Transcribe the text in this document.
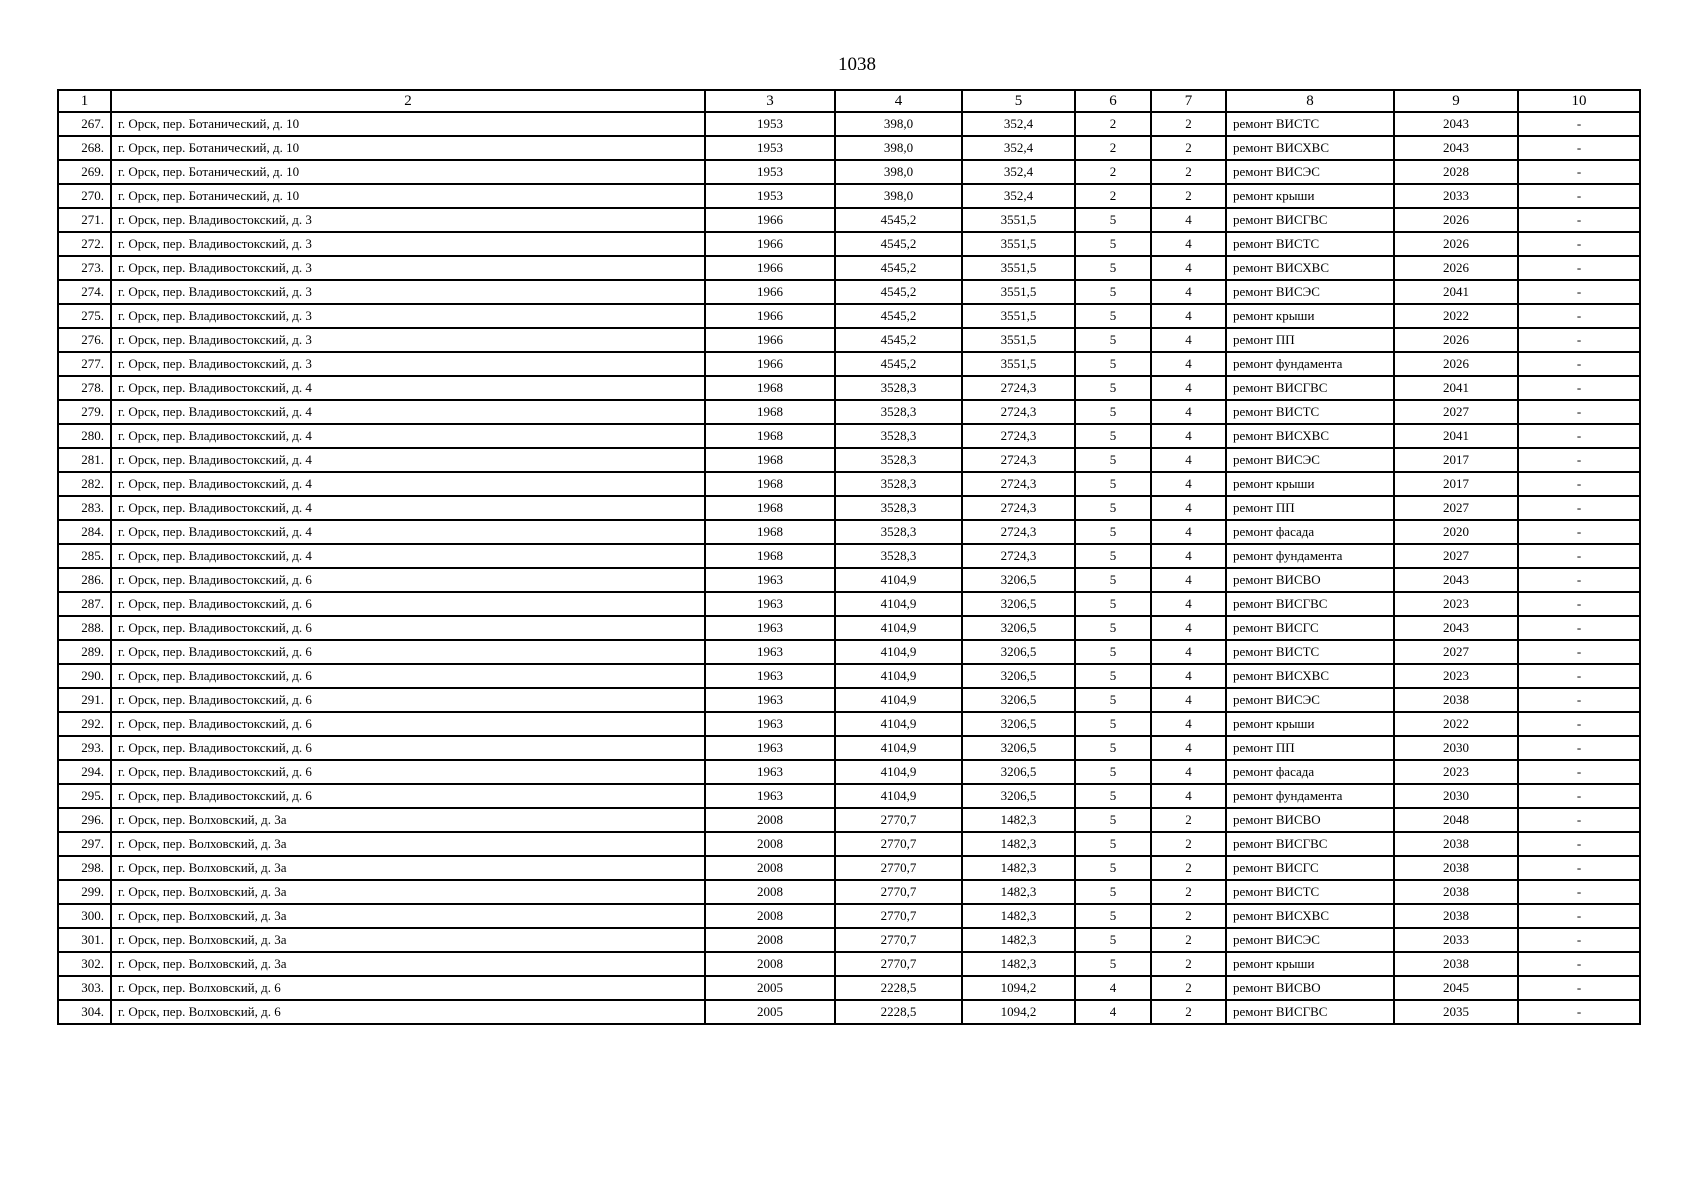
1038
1	2	3	4	5	6	7	8	9	10
267.	г. Орск, пер. Ботанический, д. 10	1953	398,0	352,4	2	2	ремонт ВИСТС	2043	-
268.	г. Орск, пер. Ботанический, д. 10	1953	398,0	352,4	2	2	ремонт ВИСХВС	2043	-
269.	г. Орск, пер. Ботанический, д. 10	1953	398,0	352,4	2	2	ремонт ВИСЭС	2028	-
270.	г. Орск, пер. Ботанический, д. 10	1953	398,0	352,4	2	2	ремонт крыши	2033	-
271.	г. Орск, пер. Владивостокский, д. 3	1966	4545,2	3551,5	5	4	ремонт ВИСГВС	2026	-
272.	г. Орск, пер. Владивостокский, д. 3	1966	4545,2	3551,5	5	4	ремонт ВИСТС	2026	-
273.	г. Орск, пер. Владивостокский, д. 3	1966	4545,2	3551,5	5	4	ремонт ВИСХВС	2026	-
274.	г. Орск, пер. Владивостокский, д. 3	1966	4545,2	3551,5	5	4	ремонт ВИСЭС	2041	-
275.	г. Орск, пер. Владивостокский, д. 3	1966	4545,2	3551,5	5	4	ремонт крыши	2022	-
276.	г. Орск, пер. Владивостокский, д. 3	1966	4545,2	3551,5	5	4	ремонт ПП	2026	-
277.	г. Орск, пер. Владивостокский, д. 3	1966	4545,2	3551,5	5	4	ремонт фундамента	2026	-
278.	г. Орск, пер. Владивостокский, д. 4	1968	3528,3	2724,3	5	4	ремонт ВИСГВС	2041	-
279.	г. Орск, пер. Владивостокский, д. 4	1968	3528,3	2724,3	5	4	ремонт ВИСТС	2027	-
280.	г. Орск, пер. Владивостокский, д. 4	1968	3528,3	2724,3	5	4	ремонт ВИСХВС	2041	-
281.	г. Орск, пер. Владивостокский, д. 4	1968	3528,3	2724,3	5	4	ремонт ВИСЭС	2017	-
282.	г. Орск, пер. Владивостокский, д. 4	1968	3528,3	2724,3	5	4	ремонт крыши	2017	-
283.	г. Орск, пер. Владивостокский, д. 4	1968	3528,3	2724,3	5	4	ремонт ПП	2027	-
284.	г. Орск, пер. Владивостокский, д. 4	1968	3528,3	2724,3	5	4	ремонт фасада	2020	-
285.	г. Орск, пер. Владивостокский, д. 4	1968	3528,3	2724,3	5	4	ремонт фундамента	2027	-
286.	г. Орск, пер. Владивостокский, д. 6	1963	4104,9	3206,5	5	4	ремонт ВИСВО	2043	-
287.	г. Орск, пер. Владивостокский, д. 6	1963	4104,9	3206,5	5	4	ремонт ВИСГВС	2023	-
288.	г. Орск, пер. Владивостокский, д. 6	1963	4104,9	3206,5	5	4	ремонт ВИСГС	2043	-
289.	г. Орск, пер. Владивостокский, д. 6	1963	4104,9	3206,5	5	4	ремонт ВИСТС	2027	-
290.	г. Орск, пер. Владивостокский, д. 6	1963	4104,9	3206,5	5	4	ремонт ВИСХВС	2023	-
291.	г. Орск, пер. Владивостокский, д. 6	1963	4104,9	3206,5	5	4	ремонт ВИСЭС	2038	-
292.	г. Орск, пер. Владивостокский, д. 6	1963	4104,9	3206,5	5	4	ремонт крыши	2022	-
293.	г. Орск, пер. Владивостокский, д. 6	1963	4104,9	3206,5	5	4	ремонт ПП	2030	-
294.	г. Орск, пер. Владивостокский, д. 6	1963	4104,9	3206,5	5	4	ремонт фасада	2023	-
295.	г. Орск, пер. Владивостокский, д. 6	1963	4104,9	3206,5	5	4	ремонт фундамента	2030	-
296.	г. Орск, пер. Волховский, д. 3а	2008	2770,7	1482,3	5	2	ремонт ВИСВО	2048	-
297.	г. Орск, пер. Волховский, д. 3а	2008	2770,7	1482,3	5	2	ремонт ВИСГВС	2038	-
298.	г. Орск, пер. Волховский, д. 3а	2008	2770,7	1482,3	5	2	ремонт ВИСГС	2038	-
299.	г. Орск, пер. Волховский, д. 3а	2008	2770,7	1482,3	5	2	ремонт ВИСТС	2038	-
300.	г. Орск, пер. Волховский, д. 3а	2008	2770,7	1482,3	5	2	ремонт ВИСХВС	2038	-
301.	г. Орск, пер. Волховский, д. 3а	2008	2770,7	1482,3	5	2	ремонт ВИСЭС	2033	-
302.	г. Орск, пер. Волховский, д. 3а	2008	2770,7	1482,3	5	2	ремонт крыши	2038	-
303.	г. Орск, пер. Волховский, д. 6	2005	2228,5	1094,2	4	2	ремонт ВИСВО	2045	-
304.	г. Орск, пер. Волховский, д. 6	2005	2228,5	1094,2	4	2	ремонт ВИСГВС	2035	-
